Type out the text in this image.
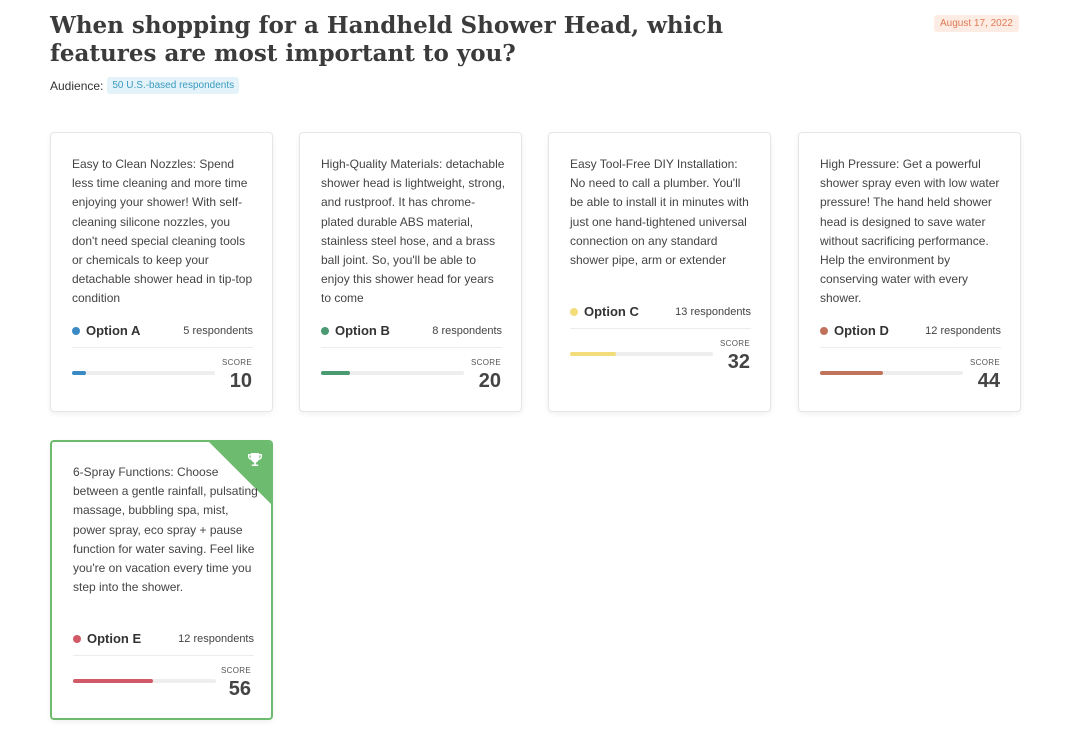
When shopping for a Handheld Shower Head, which features are most important to you?
August 17, 2022
Audience: 50 U.S.-based respondents

Easy to Clean Nozzles: Spend less time cleaning and more time enjoying your shower! With self-cleaning silicone nozzles, you don't need special cleaning tools or chemicals to keep your detachable shower head in tip-top condition

Option A	5 respondents
SCORE
10

High-Quality Materials: detachable shower head is lightweight, strong, and rustproof. It has chrome-plated durable ABS material, stainless steel hose, and a brass ball joint. So, you'll be able to enjoy this shower head for years to come

Option B	8 respondents
SCORE
20

Easy Tool-Free DIY Installation: No need to call a plumber. You'll be able to install it in minutes with just one hand-tightened universal connection on any standard shower pipe, arm or extender

Option C	13 respondents
SCORE
32

High Pressure: Get a powerful shower spray even with low water pressure! The hand held shower head is designed to save water without sacrificing performance. Help the environment by conserving water with every shower.

Option D	12 respondents
SCORE
44

6-Spray Functions: Choose between a gentle rainfall, pulsating massage, bubbling spa, mist, power spray, eco spray + pause function for water saving. Feel like you're on vacation every time you step into the shower.

Option E	12 respondents
SCORE
56
